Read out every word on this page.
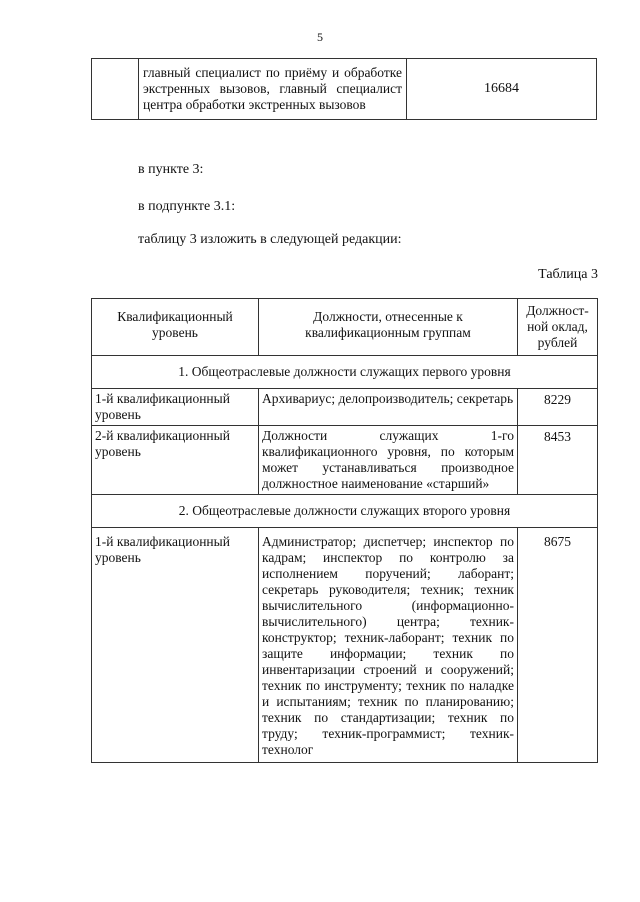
5
	главный специалист по приёму и обработке экстренных вызовов, главный специалист центра обработки экстренных вызовов	16684
в пункте 3:
в подпункте 3.1:
таблицу 3 изложить в следующей редакции:
Таблица 3
Квалификационный уровень	Должности, отнесенные к квалификационным группам	Должност-ной оклад, рублей
1. Общеотраслевые должности служащих первого уровня		
1-й квалификационный уровень	Архивариус; делопроизводитель; секретарь	8229
2-й квалификационный уровень	Должности служащих 1-го квалификационного уровня, по которым может устанавливаться производное должностное наименование «старший»	8453
2. Общеотраслевые должности служащих второго уровня		
1-й квалификационный уровень	Администратор; диспетчер; инспектор по кадрам; инспектор по контролю за исполнением поручений; лаборант; секретарь руководителя; техник; техник вычислительного (информационно-вычислительного) центра; техник-конструктор; техник-лаборант; техник по защите информации; техник по инвентаризации строений и сооружений; техник по инструменту; техник по наладке и испытаниям; техник по планированию; техник по стандартизации; техник по труду; техник-программист; техник-технолог	8675
